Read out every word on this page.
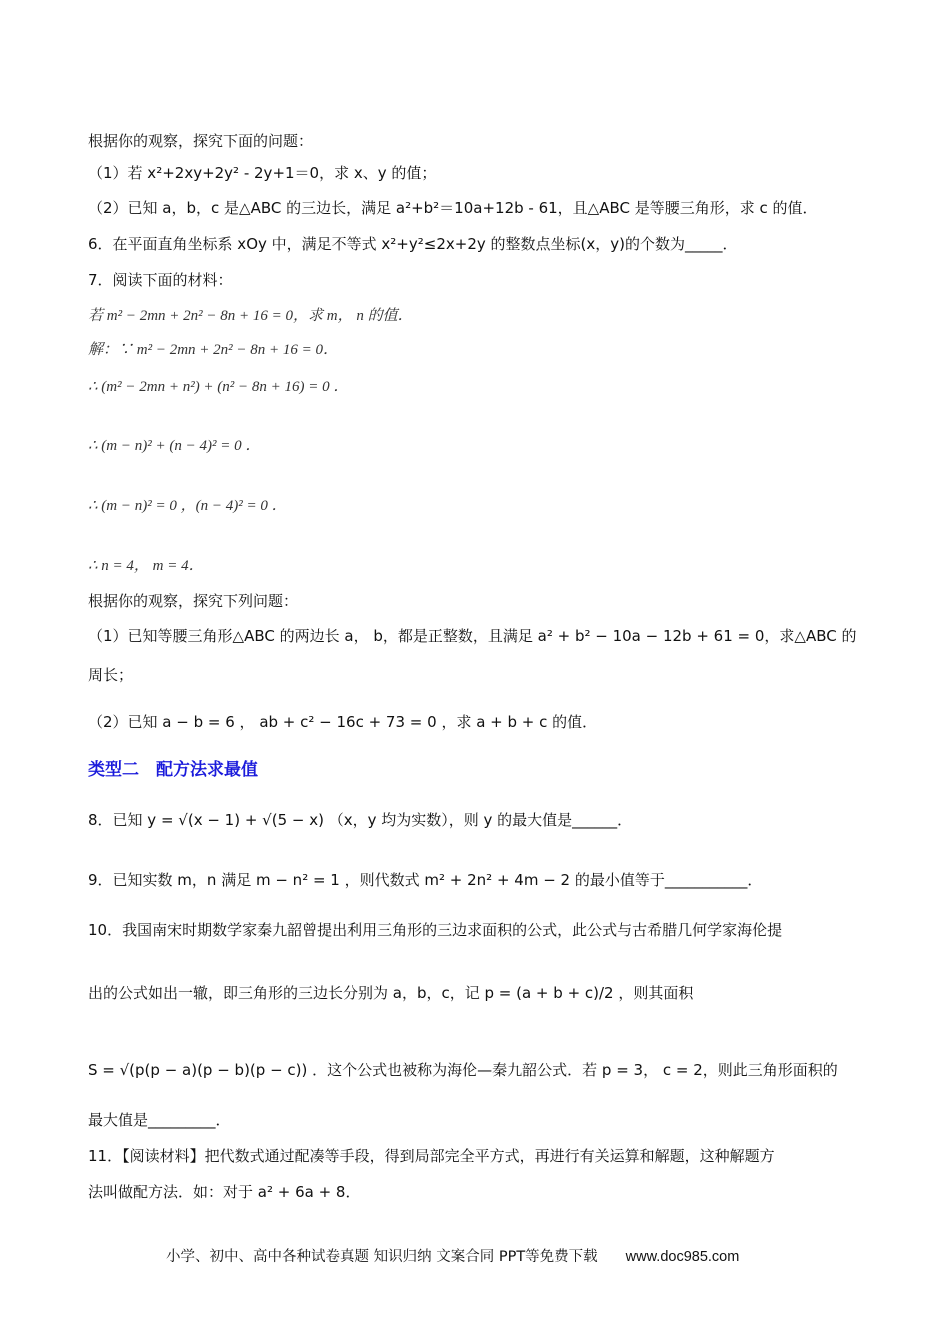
根据你的观察，探究下面的问题：
（1）若 x²+2xy+2y² - 2y+1＝0，求 x、y 的值；
（2）已知 a，b，c 是△ABC 的三边长，满足 a²+b²＝10a+12b - 61，且△ABC 是等腰三角形，求 c 的值．
6．在平面直角坐标系 xOy 中，满足不等式 x²+y²≤2x+2y 的整数点坐标(x，y)的个数为_____．
7．阅读下面的材料：
若 m² − 2mn + 2n² − 8n + 16 = 0，求 m， n 的值．
解：∵ m² − 2mn + 2n² − 8n + 16 = 0．
∴ (m² − 2mn + n²) + (n² − 8n + 16) = 0 ．
∴ (m − n)² + (n − 4)² = 0 ．
∴ (m − n)² = 0 ，(n − 4)² = 0 ．
∴ n = 4， m = 4．
根据你的观察，探究下列问题：
（1）已知等腰三角形△ABC 的两边长 a， b，都是正整数，且满足 a² + b² − 10a − 12b + 61 = 0，求△ABC 的
周长；
（2）已知 a − b = 6 ， ab + c² − 16c + 73 = 0 ，求 a + b + c 的值．
类型二　配方法求最值
8．已知 y = √(x − 1) + √(5 − x) （x，y 均为实数），则 y 的最大值是______．
9．已知实数 m，n 满足 m − n² = 1 ，则代数式 m² + 2n² + 4m − 2 的最小值等于___________．
10．我国南宋时期数学家秦九韶曾提出利用三角形的三边求面积的公式，此公式与古希腊几何学家海伦提
出的公式如出一辙，即三角形的三边长分别为 a，b，c，记 p = (a + b + c)/2 ，则其面积
S = √(p(p − a)(p − b)(p − c)) ．这个公式也被称为海伦—秦九韶公式．若 p = 3， c = 2，则此三角形面积的
最大值是_________．
11．【阅读材料】把代数式通过配凑等手段，得到局部完全平方式，再进行有关运算和解题，这种解题方
法叫做配方法．如：对于 a² + 6a + 8．
小学、初中、高中各种试卷真题 知识归纳 文案合同 PPT等免费下载 www.doc985.com
